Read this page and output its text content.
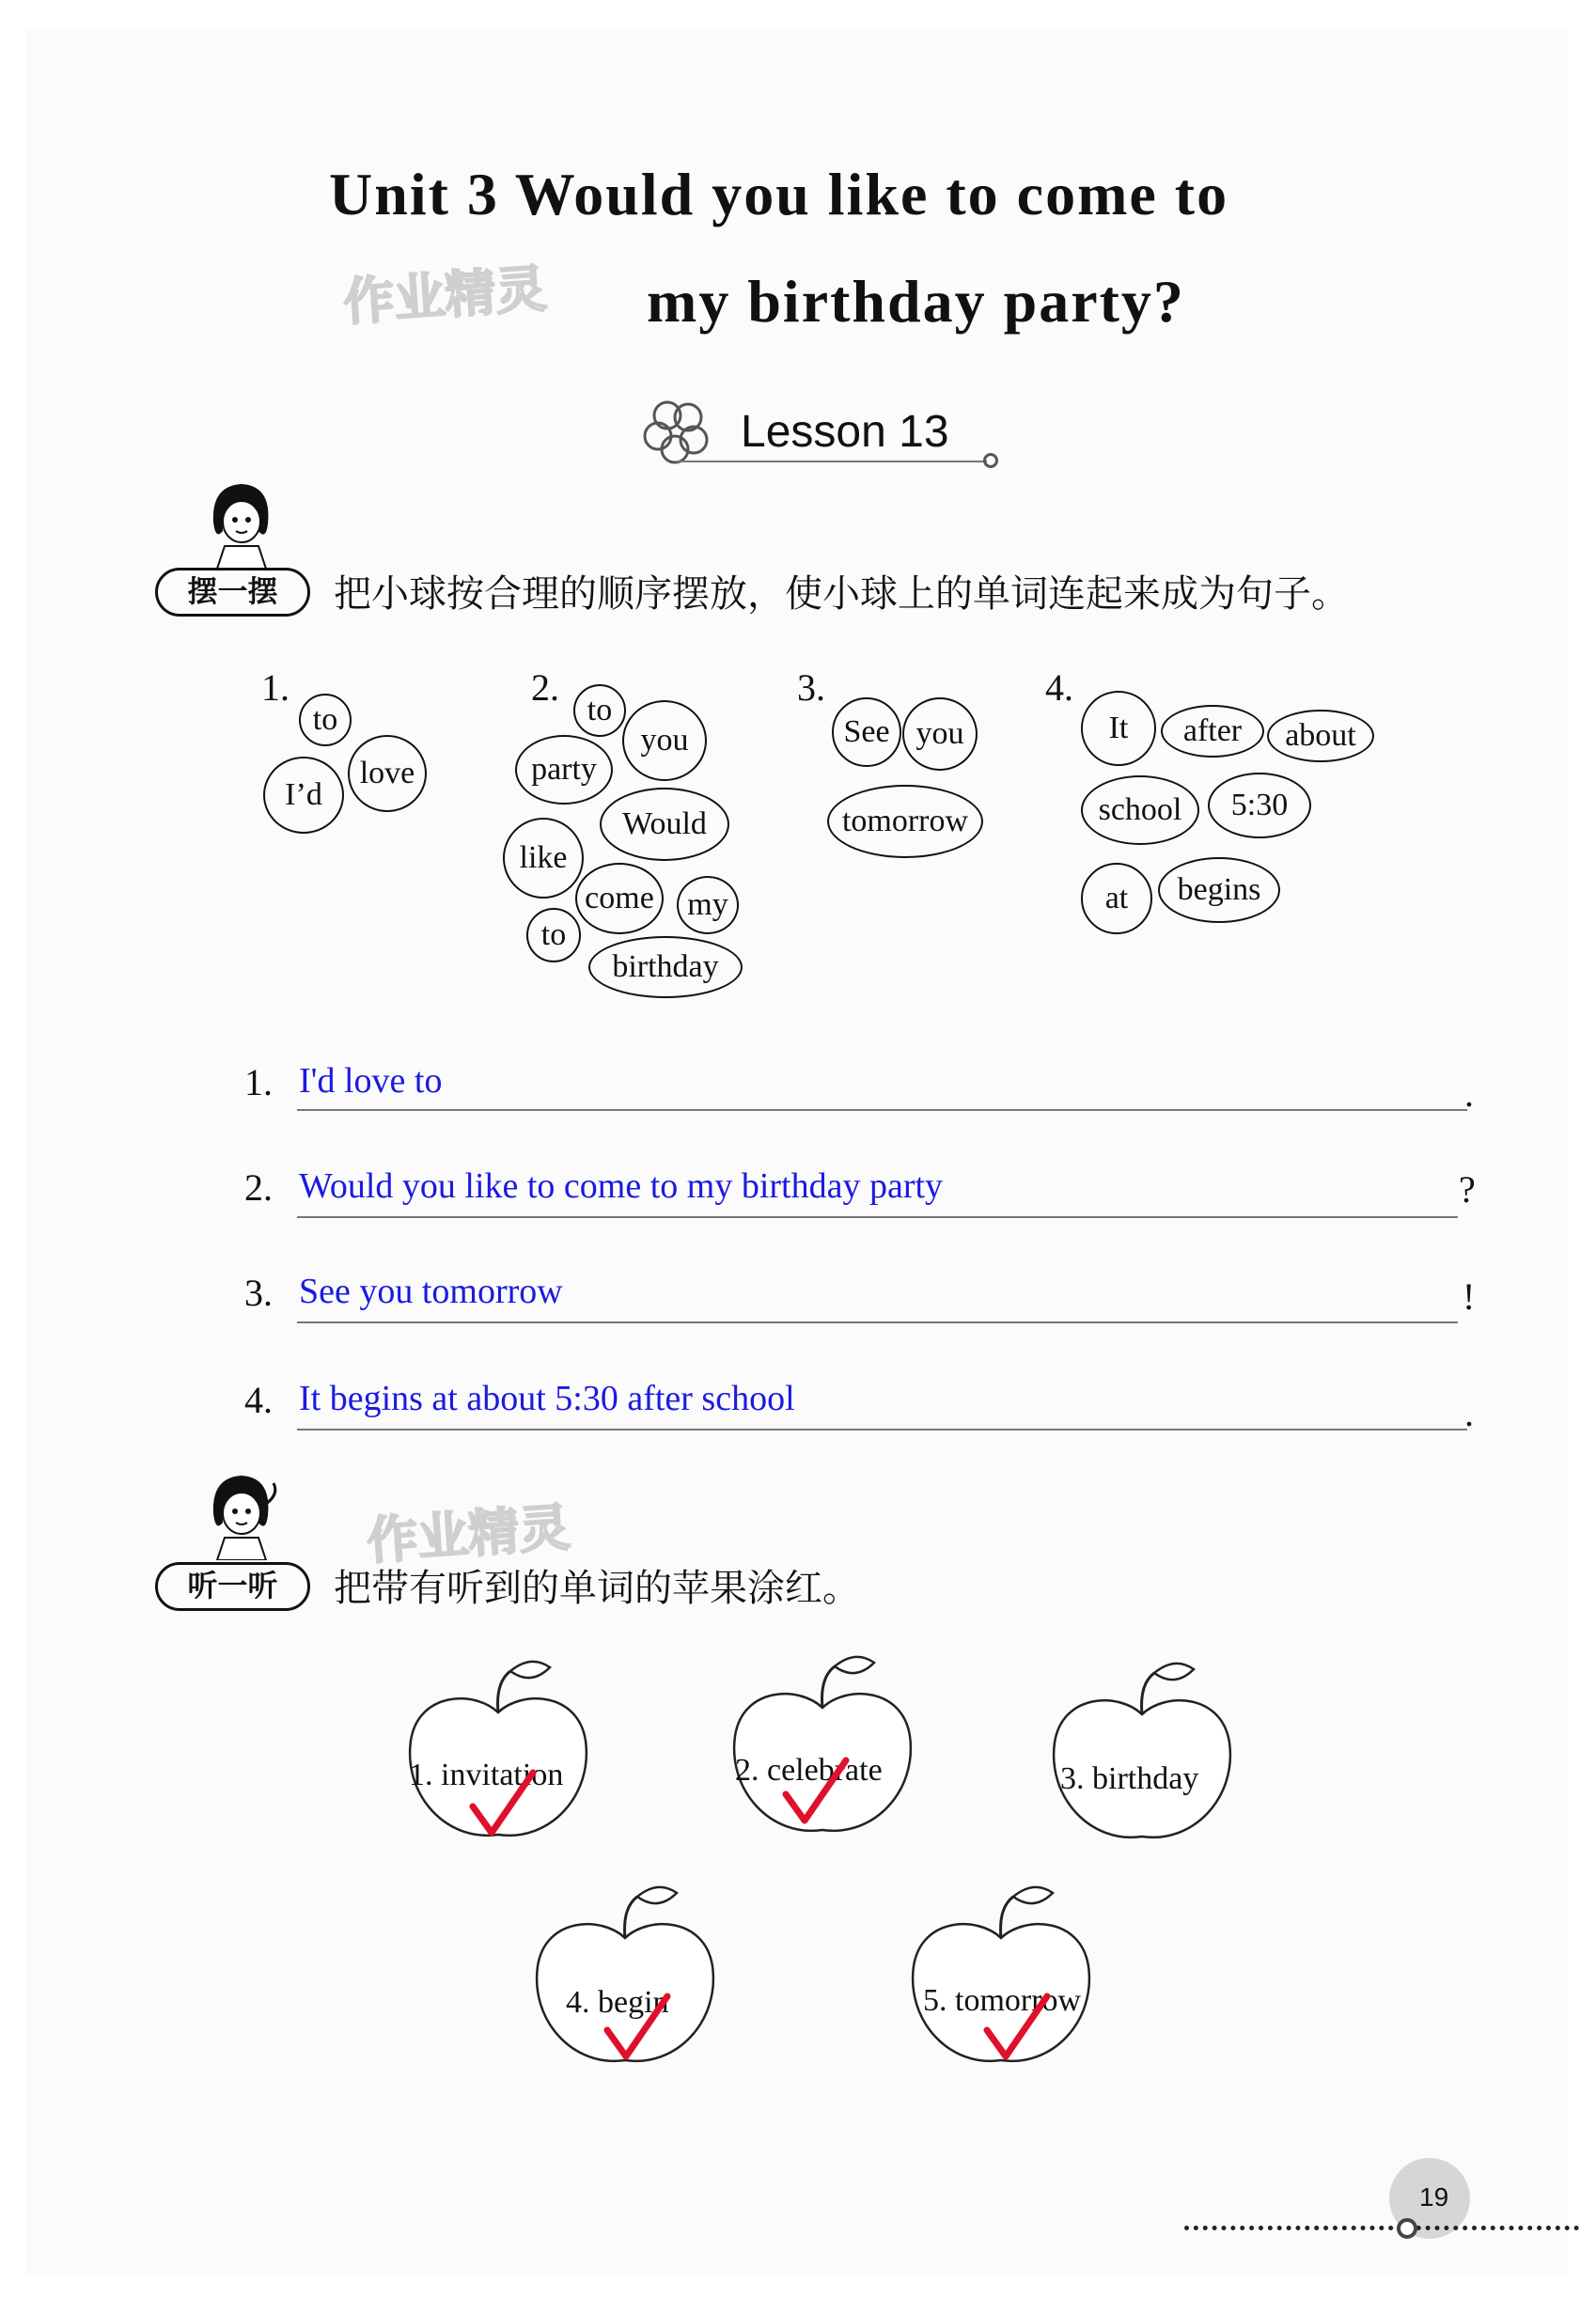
Unit 3 Would you like to come to
my birthday party?
作业精灵
Lesson 13
摆一摆	把小球按合理的顺序摆放，使小球上的单词连起来成为句子。
1.	2.	3.	4.
to
I’d
love
to
you
party
Would
like
come	my
to
birthday
See you
tomorrow
It	after	about
school	5:30
at	begins
1. I'd love to	.
2. Would you like to come to my birthday party	?
3. See you tomorrow	!
4. It begins at about 5:30 after school	.
作业精灵
听一听	把带有听到的单词的苹果涂红。
1. invitation	2. celebrate	3. birthday
4. begin	5. tomorrow
19
